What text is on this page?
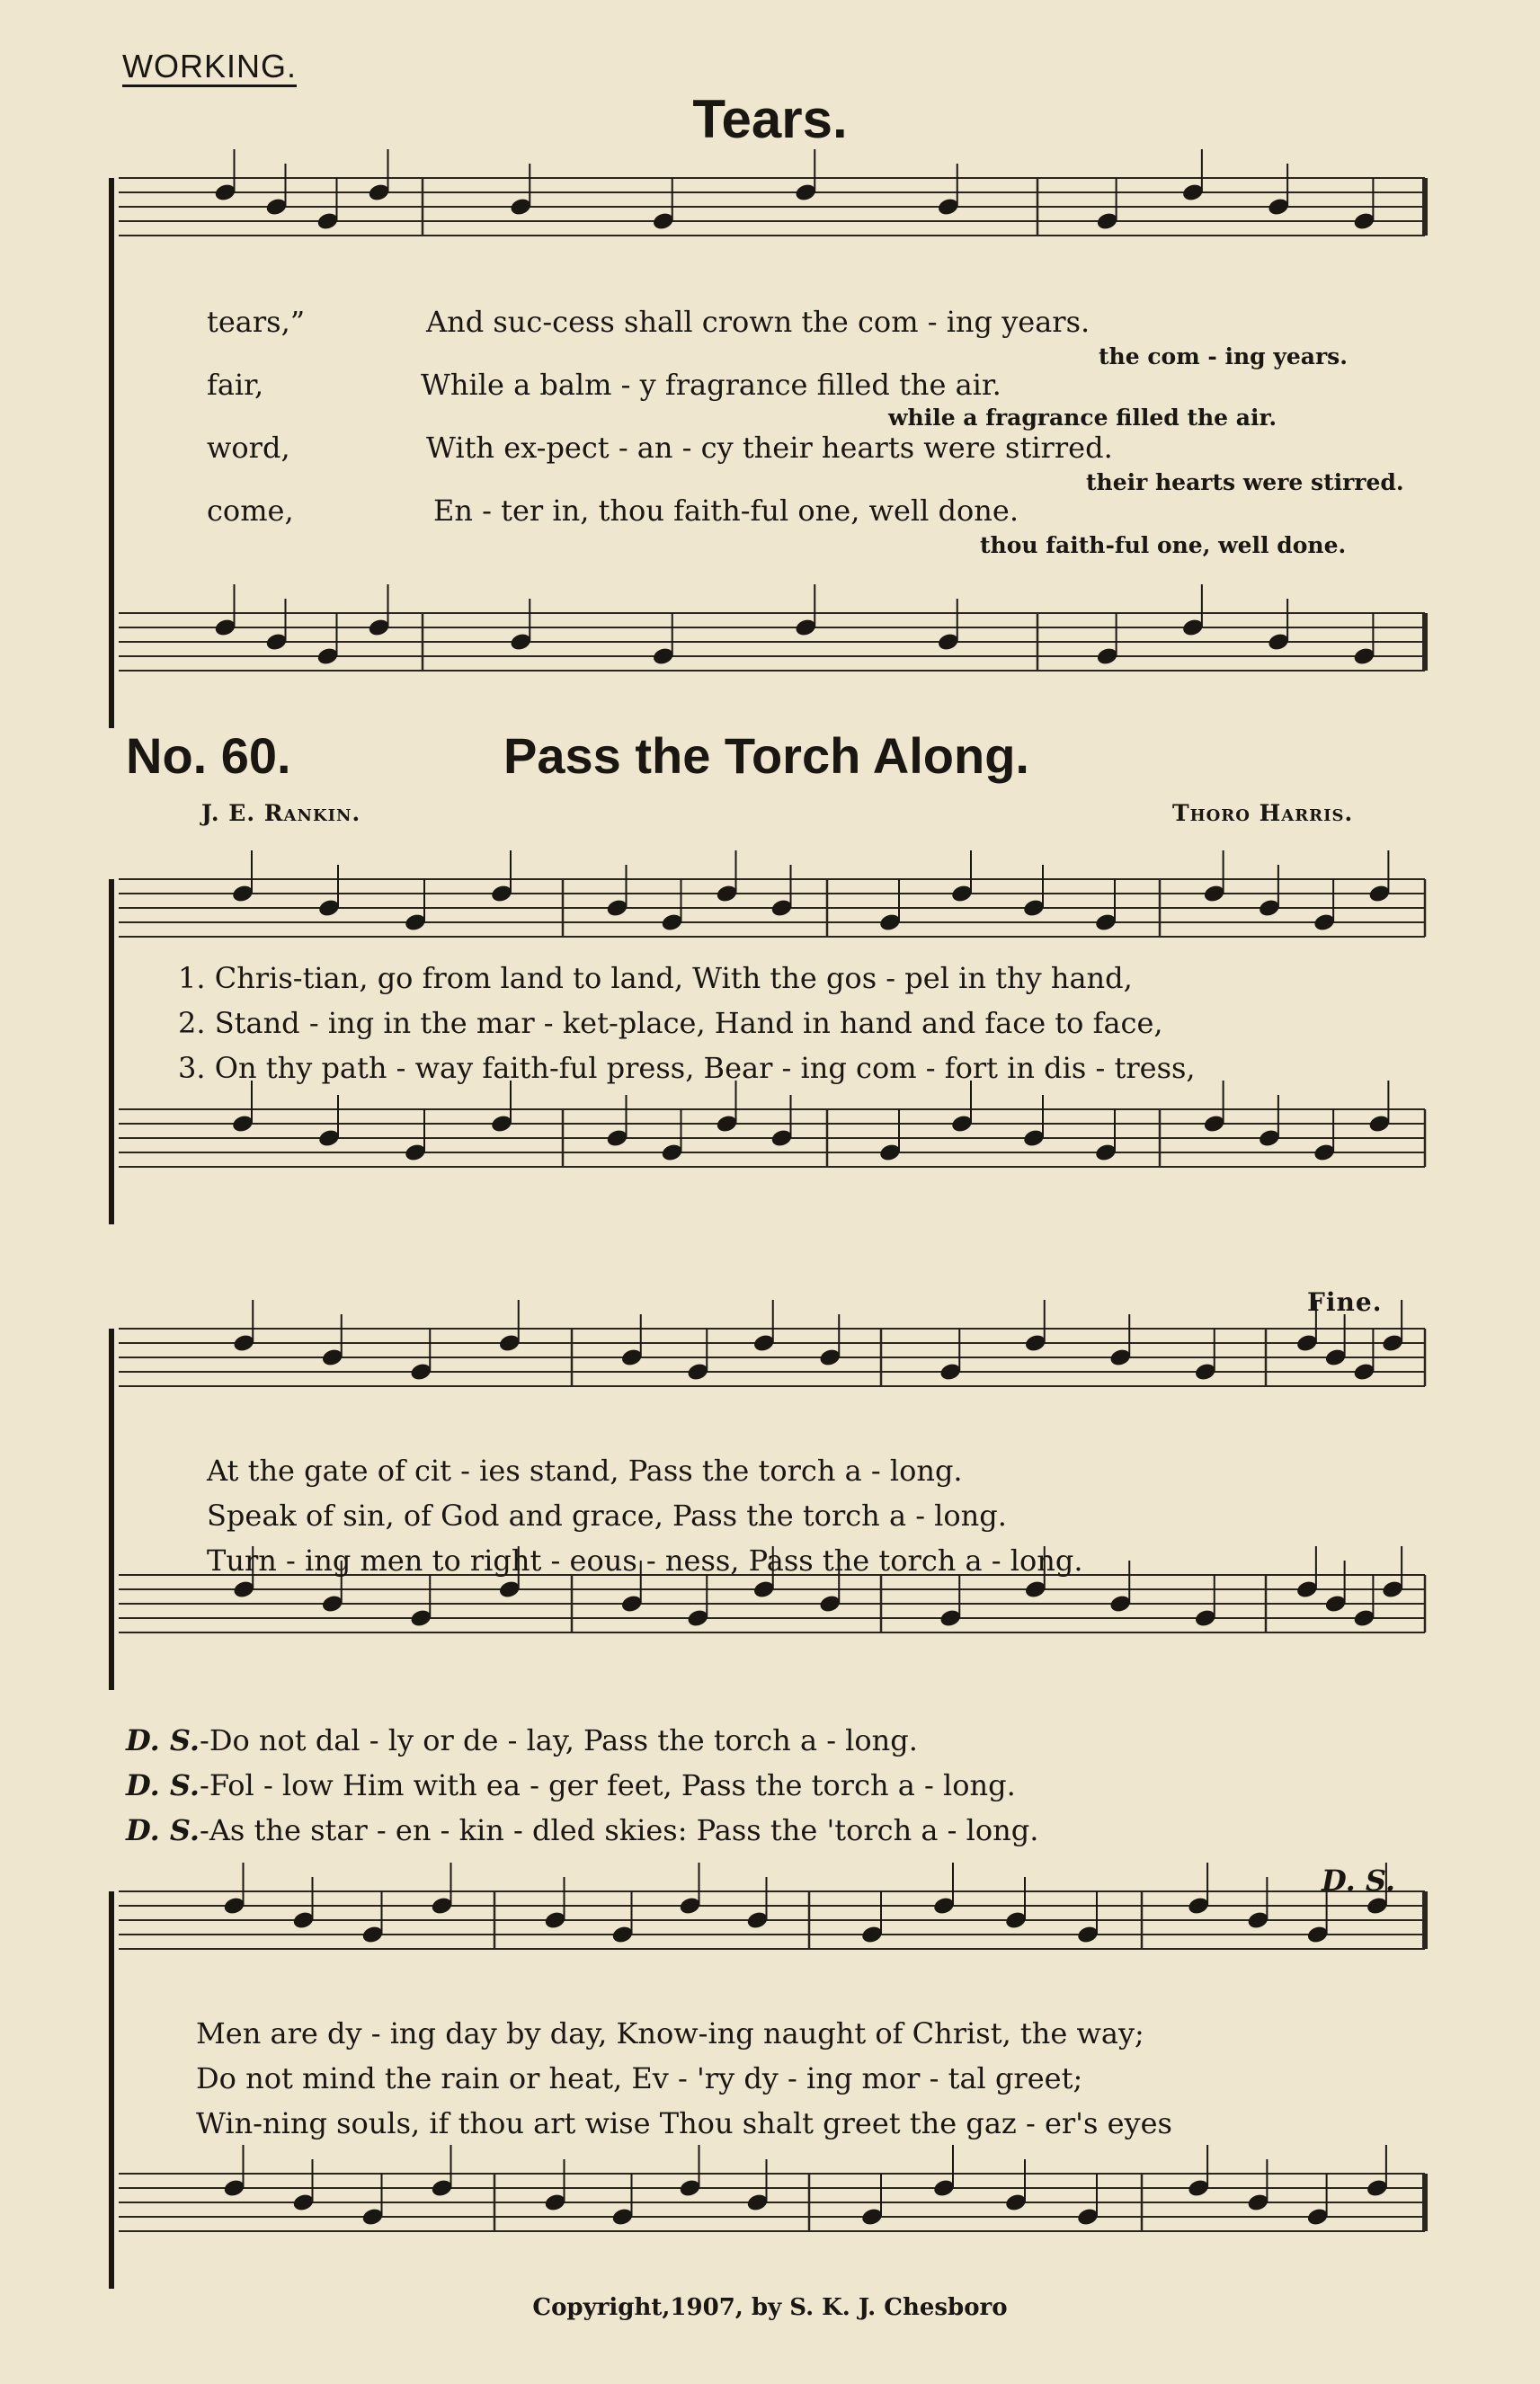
WORKING.
Tears.
tears,”	And suc-cess shall crown the com - ing years.
the com - ing years.
fair,	While a balm - y fragrance filled the air.
while a fragrance filled the air.
word,	With ex-pect - an - cy their hearts were stirred.
their hearts were stirred.
come,	En - ter in, thou faith-ful one, well done.
thou faith-ful one, well done.
No. 60.	Pass the Torch Along.
J. E. Rankin.	Thoro Harris.
1. Chris-tian, go from land to land, With the gos - pel in thy hand,
2. Stand - ing in the mar - ket-place, Hand in hand and face to face,
3. On thy path - way faith-ful press, Bear - ing com - fort in dis - tress,
Fine.
At the gate of cit - ies stand, Pass the torch a - long.
Speak of sin, of God and grace, Pass the torch a - long.
Turn - ing men to right - eous - ness, Pass the torch a - long.
D. S.-Do not dal - ly or de - lay, Pass the torch a - long.
D. S.-Fol - low Him with ea - ger feet, Pass the torch a - long.
D. S.-As the star - en - kin - dled skies: Pass the 'torch a - long.
D. S.
Men are dy - ing day by day, Know-ing naught of Christ, the way;
Do not mind the rain or heat, Ev - 'ry dy - ing mor - tal greet;
Win-ning souls, if thou art wise Thou shalt greet the gaz - er's eyes
Copyright,1907, by S. K. J. Chesboro
